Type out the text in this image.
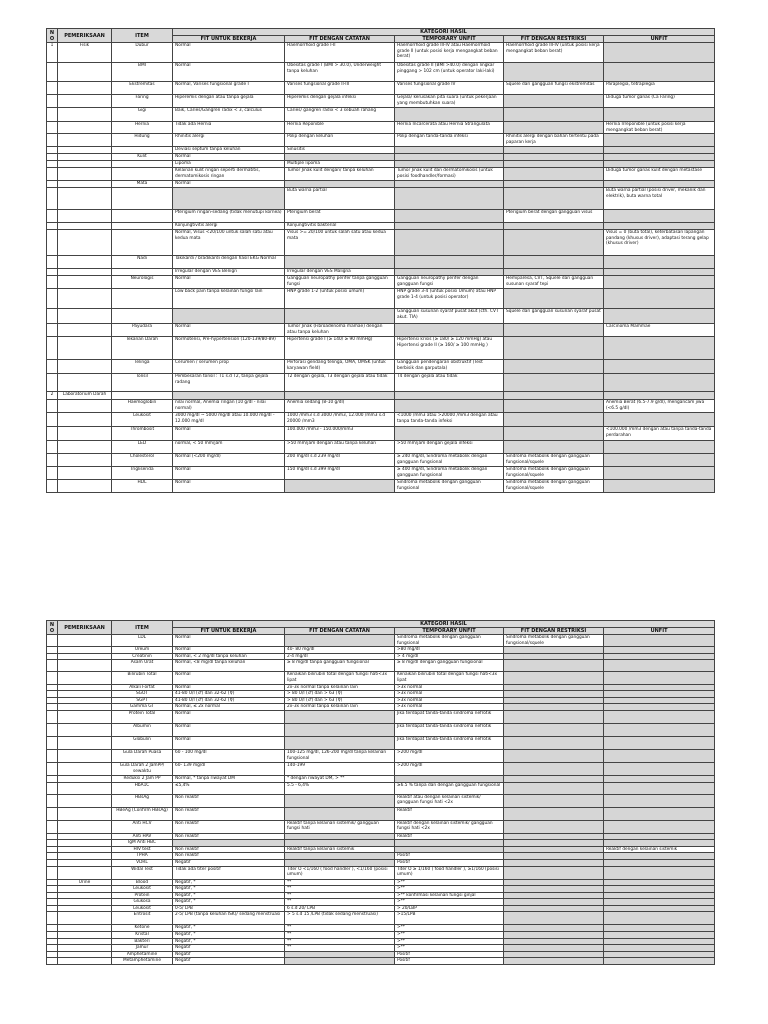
NO	PEMERIKSAAN	ITEM	KATEGORI HASIL				
			FIT UNTUK BEKERJA	FIT DENGAN CATATAN	TEMPORARY UNFIT	FIT DENGAN RESTRIKSI	UNFIT
1	Fisik	Dubur	Normal	Haemorrhoid grade I-II	Haemorrhoid grade III-IV atau Haemorrhoid grade II (untuk posisi kerja mengangkat beban berat)	Haemorrhoid grade III-IV (untuk posisi kerja mengangkat beban berat)	
		BMI	Normal	Obesitas grade I (BMI > 30.0), Underweight tanpa keluhan	Obesitas grade II (BMI >40.0) dengan lingkar pinggang > 102 cm (untuk operator laki-laki)		
		Ekstremitas	Normal, Varises fungsional grade I	Varises fungsional grade II-III	Varises fungsional grade IV	Squele dari gangguan fungsi ekstremitas	Paraplegia, tetraplegia
		Faring	Hiperemis dengan atau tanpa gejala	Hiperemis dengan gejala infeksi	Gejala/ kerusakan pita suara (untuk pekerjaan yang membutuhkan suara)		Diduga tumor ganas (Ca Faring)
		Gigi	Baik, Caries/Gangren radix < 3, calculus	Caries/ gangren radix < 3 sebuah rahang			
		Hernia	Tidak ada Hernia	Hernia Reponible	Hernia Incarcerata atau Hernia Strangulata		Hernia Irreponible (untuk posisi kerja mengangkat beban berat)
		Hidung	Rhinitis alergi	Polip dengan keluhan	Polip dengan tanda-tanda infeksi	Rhinitis alergi dengan bahan tertentu pada paparan kerja	
			Deviasi septum tanpa keluhan	Sinusitis			
		Kulit	Normal				
			Lipoma	Multiple lipoma			
			Kelainan kulit ringan seperti dermatitis, dermatomikosis ringan	Tumor Jinak kulit dengan/ tanpa keluhan	Tumor Jinak kulit dan dermatomikosis (untuk posisi foodhandler/formasi)		Diduga tumor ganas kulit dengan metastase
		Mata	Normal				
				Buta warna partial			Buta warna partial (posisi driver, mekanik dan elektrik), buta warna total
			Pterigium ringan-sedang (tidak menutupi kornea)	Pterigium berat		Pterigium berat dengan gangguan visus	
			Konjungtivitis alergi	Konjungtivitis bakterial			
			Normal, Visus <20/100 untuk salah satu atau kedua mata	Visus >= 20/100 untuk salah satu atau kedua mata			Visus = 0 (buta total), keterbatasan lapangan pandang (khusus driver), adaptasi terang gelap (khusus driver)
		Nadi	Takikardi / bradikardi dengan hasil EKG Normal				
			Irregular dengan VES Benign	Irregular dengan VES Maligna			
		Neurologis	Normal	Gangguan neuropathy perifer tanpa gangguan fungsi	Gangguan neuropathy perifer dengan gangguan fungsi	Hemiparesa, CVT, Squele dari gangguan susunan syaraf tepi	
			Low back pain tanpa kelainan fungsi lain	HNP grade 1-2 (untuk posisi umum)	HNP grade 3-4 (untuk posisi Umum) atau HNP grade 1-4 (untuk posisi operator)		
					Gangguan susunan syaraf pusat akut (cth. CVT akut. TIA)	Squele dari gangguan susunan syaraf pusat	
		Payudara	Normal	Tumor Jinak (Fibroadenoma mamae) dengan atau tanpa keluhan			Carcinoma Mammae
		Tekanan Darah	Normotensi, Pre-hypertension (120-139/80-89)	Hipertensi grade I (≥ 140/ ≥ 90 mmHg)	Hipertensi krisis (≥ 180/ ≥ 120 mmHg) atau Hipertensi grade II (≥ 160/ ≥ 100 mmHg )		
		Telinga	Cerumen / serumen prop	Perforasi gendang telinga, OMA, OMSK (untuk karyawan field)	Gangguan pendengaran obstruktif (Test berbisik dan garputala)		
		Tonsil	Pembesaran tonsil : T1 s.d T2, tanpa gejala radang	T2 dengan gejala, T3 dengan gejala atau tidak	T4 dengan gejala atau tidak		
2	Laboratorium Darah						
		Haemoglobin	nilai normal, Anemia ringan (10 g/dl - nilai normal)	Anemia sedang (8-10 g/dl)			Anemia Berat (6.5-7.9 g/dl), mengancam jiwa (<6.5 g/dl)
		Leukosit	3000 mg/dl ~ 5000 mg/dl atau 10.000 mg/dl - 12.000 mg/dl	1000 /mm3 s.d 3000 /mm3, 12.000 /mm3 s.d 20000 /mm3	<1000 /mm3 atau >20000 /mm3 dengan atau tanpa tanda-tanda infeksi		
		Thrombosit	Normal	100.000 /mm3 - 150.000/mm3			<100.000 /mm3 dengan atau tanpa tanda-tanda perdarahan
		LED	normal, < 50 mm/jam	>50 mm/jam dengan atau tanpa keluhan	>50 mm/jam dengan gejala infeksi		
		Cholesterol	Normal (<200 mg/dl)	200 mg/dl s.d 239 mg/dl	≥ 240 mg/dl, Sindroma metabolik dengan gangguan fungsional	Sindroma metabolik dengan gangguan fungsional/squele	
		Trigliserida	Normal	150 mg/dl s.d 399 mg/dl	≥ 400 mg/dl, Sindroma metabolik dengan gangguan fungsional	Sindroma metabolik dengan gangguan fungsional/squele	
		HDL	Normal		Sindroma metabolik dengan gangguan fungsional	Sindroma metabolik dengan gangguan fungsional/squele	
NO	PEMERIKSAAN	ITEM	KATEGORI HASIL				
			FIT UNTUK BEKERJA	FIT DENGAN CATATAN	TEMPORARY UNFIT	FIT DENGAN RESTRIKSI	UNFIT
		LDL	Normal		Sindroma metabolik dengan gangguan fungsional	Sindroma metabolik dengan gangguan fungsional/squele	
		Ureum	Normal	40- 80 mg/dl	>80 mg/dl		
		Creatinin	Normal, < 2 mg/dl tanpa keluhan	2-4 mg/dl	> 4 mg/dl		
		Asam Urat	Normal, <8 mg/dl tanpa keluhan	≥ 8 mg/dl tanpa gangguan fungsional	≥ 8 mg/dl dengan gangguan fungsional		
		Bilirubin Total	Normal	Kenaikan bilirubin total dengan fungsi hati<3x lipat	Kenaikan bilirubin total dengan fungsi hati<3x lipat		
		Alkali Forfat	Normal	2x-3x normal tanpa kelainan lain	>3x normal		
		SGOT	41-80 U/l (♂) dan 32-62 (♀)	> 80 U/l (♂) dan > 63 (♀)	>3x normal		
		SGPT	41-80 U/l (♂) dan 32-62 (♀)	> 80 U/l (♂) dan > 63 (♀)	>3x normal		
		Gamma GT	Normal, ≤ 2x normal	2x-3x normal tanpa kelainan lain	>3x normal		
		Protein Total	Normal		Jika terdapat tanda-tanda sindroma nefrotik		
		Albumin	Normal		Jika terdapat tanda-tanda sindroma nefrotik		
		Globulin	Normal		Jika terdapat tanda-tanda sindroma nefrotik		
		Gula Darah Puasa	60 - 100 mg/dl	100-125 mg/dl, 126-200 mg/dl tanpa kelainan fungsional	>200 mg/dl		
		Gula Darah 2 JamPP/ sewaktu	60- 139 mg/dl	140-199	>200 mg/dl		
		Reduksi 2 Jam PP	Normal, * tanpa riwayat DM	* dengan riwayat DM, > **			
		HbA1C	≤5,4%	5.5 - 6,4%	≥6.5 % tanpa dan dengan gangguan fungsional		
		HBsAg	Non reaktif		Reaktif atau dengan kelainan sistemik/ gangguan fungsi hati <2x		
		HBeAg (Confirm HBsAg)	Non reaktif		Reaktif		
		Anti HCV	Non reaktif	Reaktif tanpa kelainan sistemik/ gangguan fungsi hati	Reaktif dengan kelainan sistemik/ gangguan fungsi hati <2x		
		Anti HAV	Non reaktif		Reaktif		
		IgM Anti HBC					
		HIV test	Non reaktif	Reaktif tanpa kelainan sistemik			Reaktif dengan kelainan sistemik
		TPHA	Non reaktif		Positif		
		VDRL	Negatif		Positif		
		Widal Test	Tidak ada titer positif	Titer O <1/160 ( food handler ), <1/160 (posisi umum)	Titer O ≥ 1/160 ( food handler ), ≥1/160 (posisi umum)		
	Urine	Blood	Negatif, *	**	>**		
		Leukosit	Negatif, *	**	>**		
		Protein	Negatif, *	**	>** konfirmasi kelainan fungsi ginjal		
		Glukosa	Negatif, *	**	>**		
		Leukosit	0-5/ LPB	6 s.d 20/ LPB	> 20/LBP		
		Eritrosit	2-5/ LPB (tanpa keluhan ISK)/ sedang menstruasi	> 5 s.d 15 /LPB (tidak sedang menstruasi)	>15/LPB		
		Ketone	Negatif, *	**	>**		
		Kristal	Negatif, *	**	>**		
		Bakteri	Negatif, *	**	>**		
		Jamur	Negatif	**	>**		
		Amphetamine	Negatif		Positif		
		Metamphetamine	Negatif		Positif		
